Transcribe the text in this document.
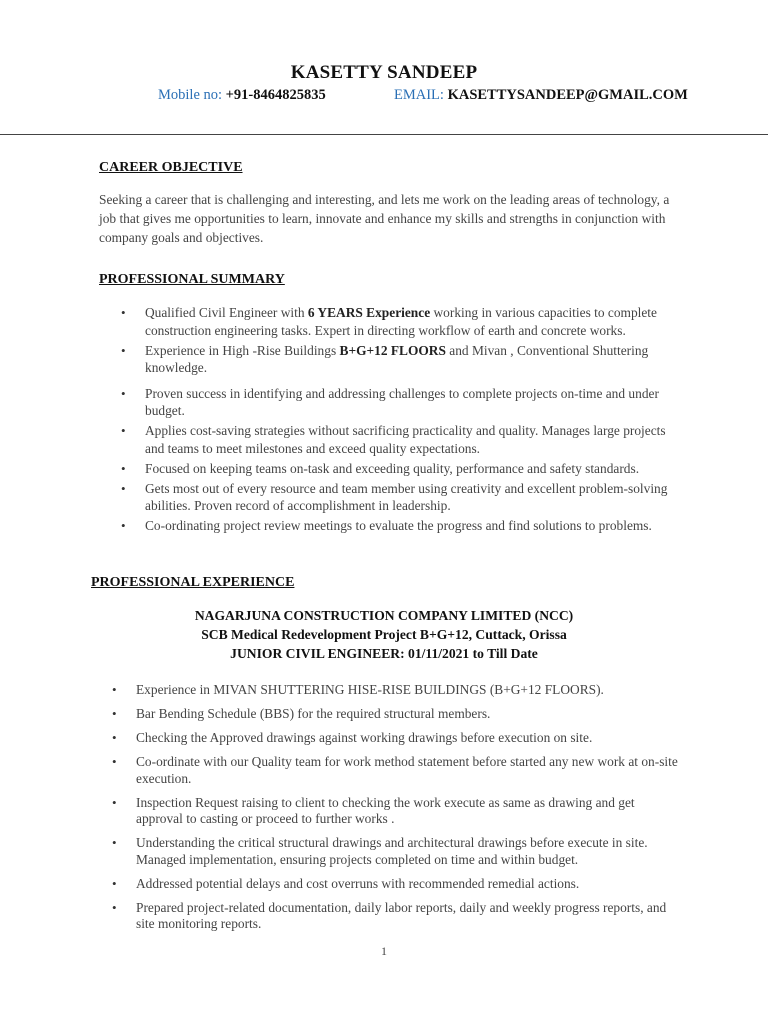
KASETTY SANDEEP
Mobile no: +91-8464825835	EMAIL: KASETTYSANDEEP@GMAIL.COM
CAREER OBJECTIVE
Seeking a career that is challenging and interesting, and lets me work on the leading areas of technology, a job that gives me opportunities to learn, innovate and enhance my skills and strengths in conjunction with company goals and objectives.
PROFESSIONAL SUMMARY
• Qualified Civil Engineer with 6 YEARS Experience working in various capacities to complete construction engineering tasks. Expert in directing workflow of earth and concrete works.
• Experience in High -Rise Buildings B+G+12 FLOORS and Mivan , Conventional Shuttering knowledge.
• Proven success in identifying and addressing challenges to complete projects on-time and under budget.
• Applies cost-saving strategies without sacrificing practicality and quality. Manages large projects and teams to meet milestones and exceed quality expectations.
• Focused on keeping teams on-task and exceeding quality, performance and safety standards.
• Gets most out of every resource and team member using creativity and excellent problem-solving abilities. Proven record of accomplishment in leadership.
• Co-ordinating project review meetings to evaluate the progress and find solutions to problems.
PROFESSIONAL EXPERIENCE
NAGARJUNA CONSTRUCTION COMPANY LIMITED (NCC)
SCB Medical Redevelopment Project B+G+12, Cuttack, Orissa
JUNIOR CIVIL ENGINEER: 01/11/2021 to Till Date
• Experience in MIVAN SHUTTERING HISE-RISE BUILDINGS (B+G+12 FLOORS).
• Bar Bending Schedule (BBS) for the required structural members.
• Checking the Approved drawings against working drawings before execution on site.
• Co-ordinate with our Quality team for work method statement before started any new work at on-site execution.
• Inspection Request raising to client to checking the work execute as same as drawing and get approval to casting or proceed to further works .
• Understanding the critical structural drawings and architectural drawings before execute in site. Managed implementation, ensuring projects completed on time and within budget.
• Addressed potential delays and cost overruns with recommended remedial actions.
• Prepared project-related documentation, daily labor reports, daily and weekly progress reports, and site monitoring reports.
1
